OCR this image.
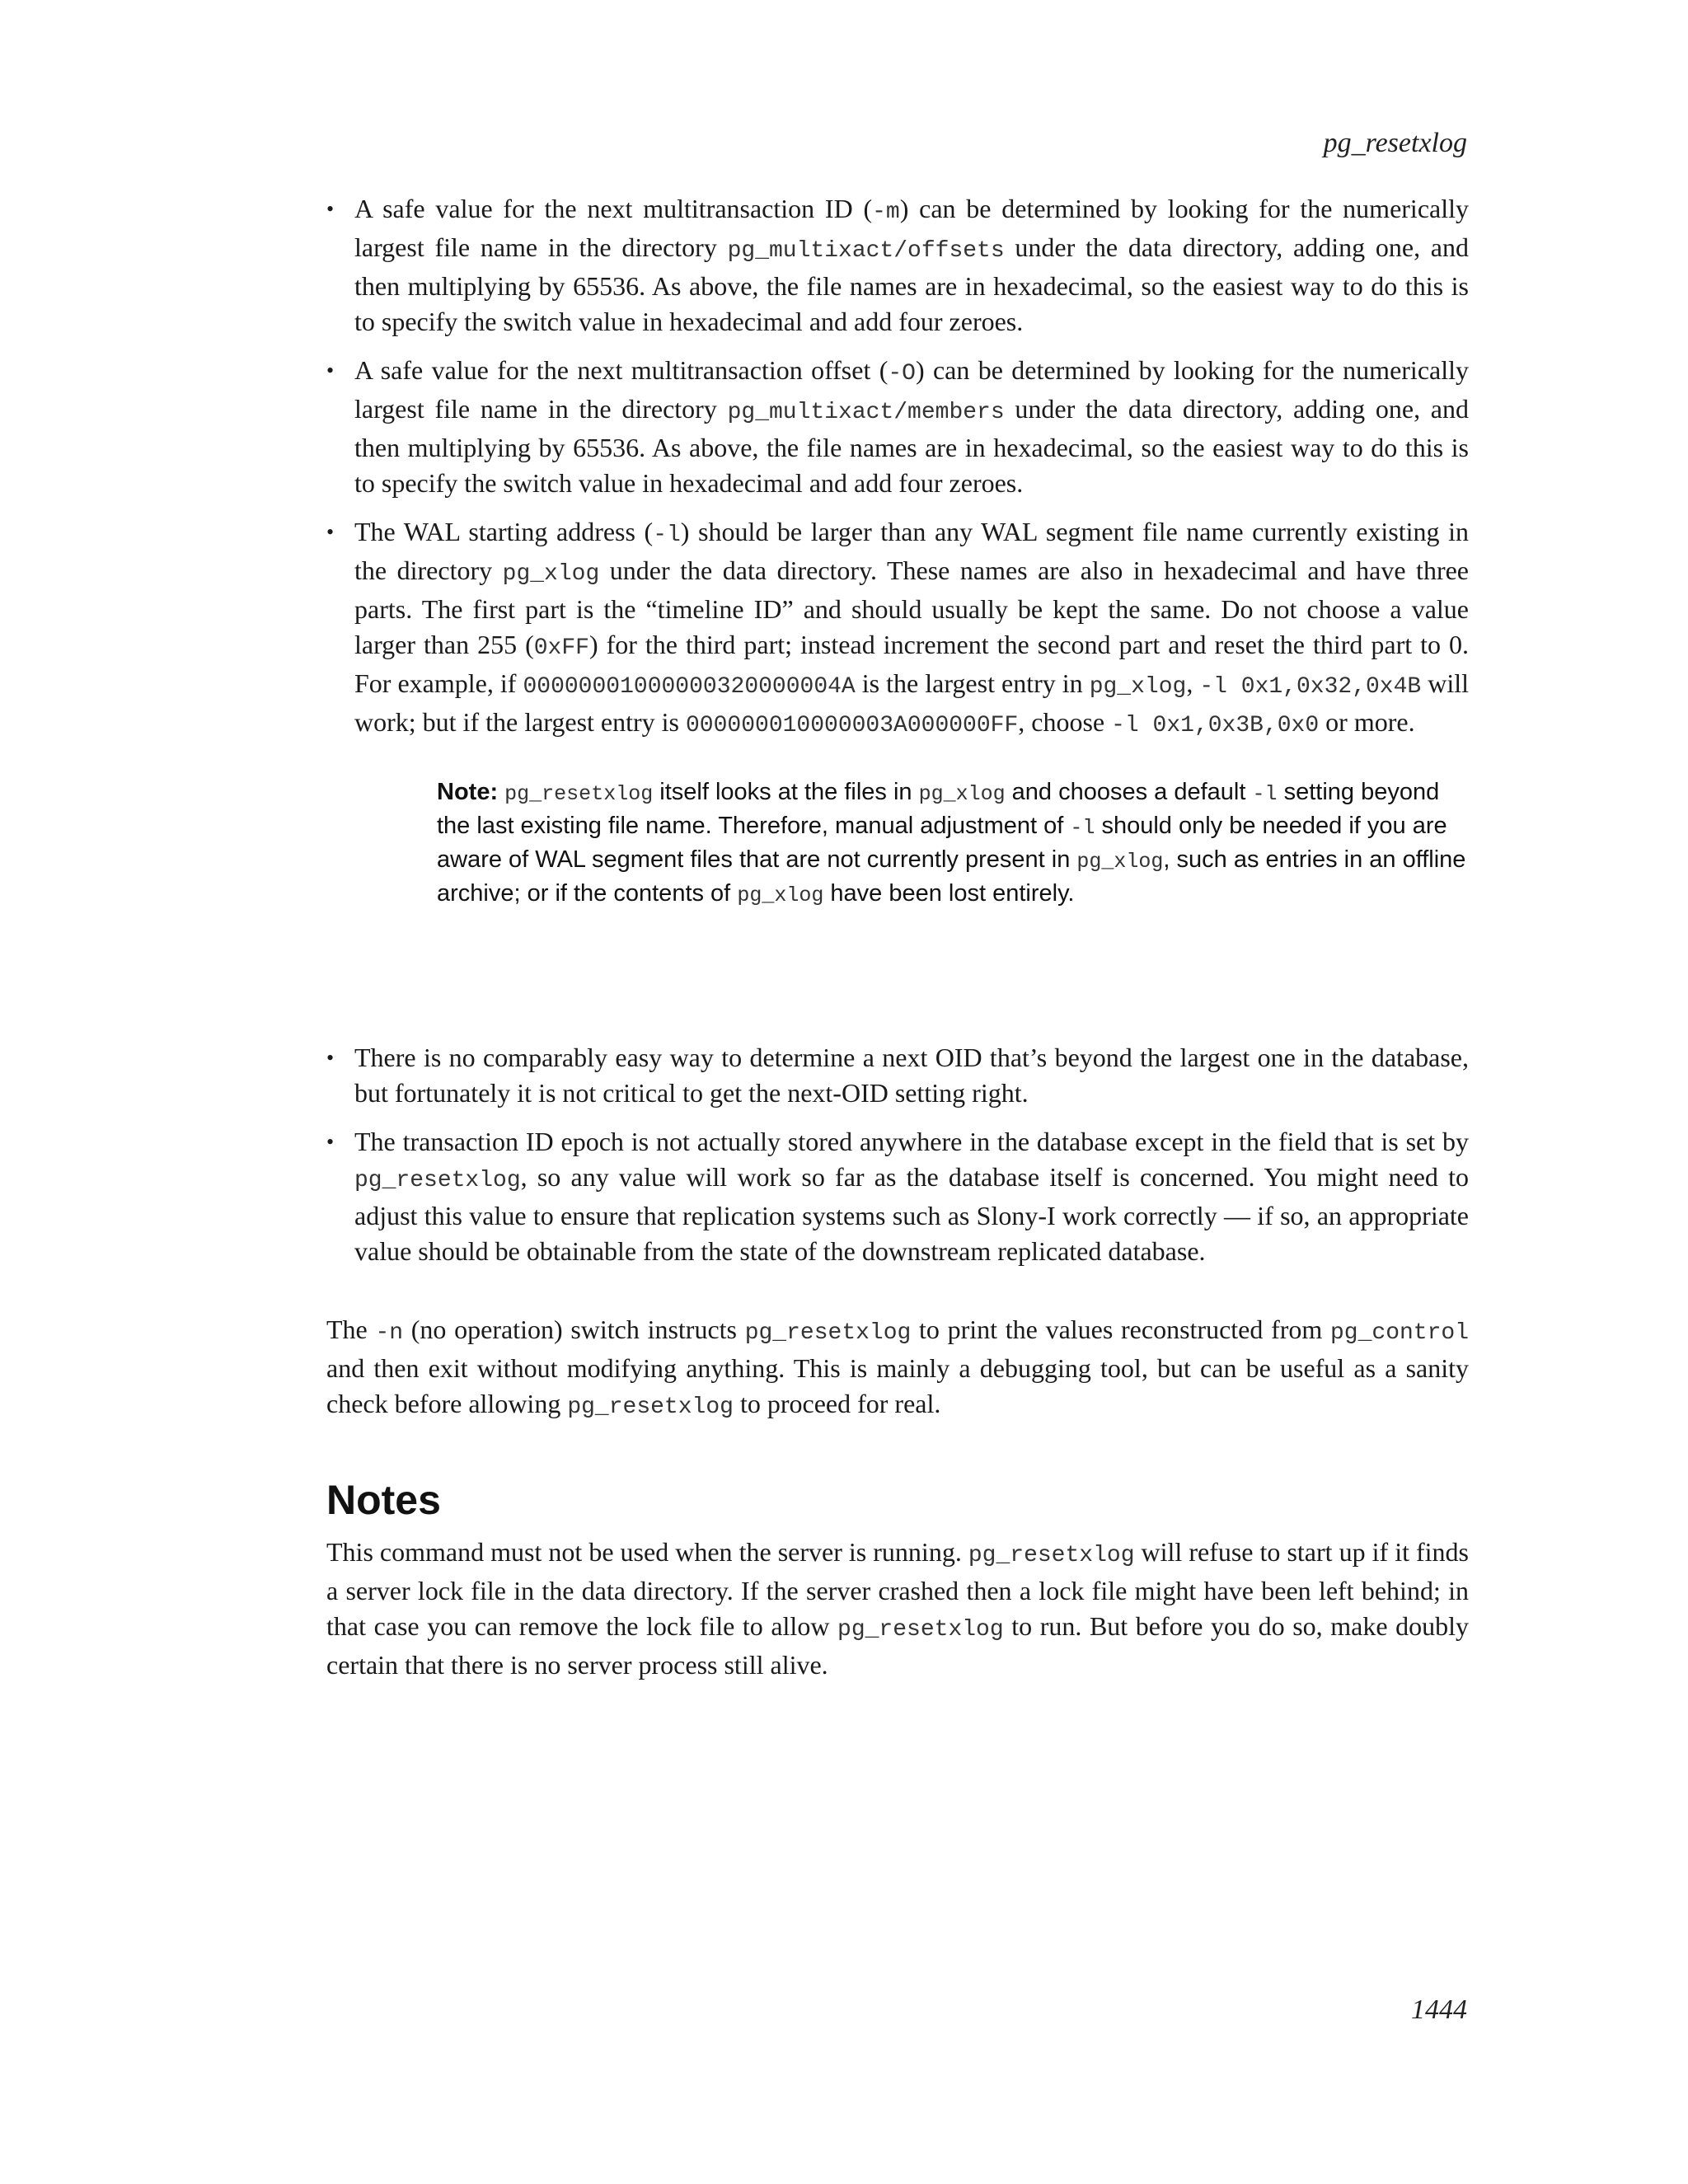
pg_resetxlog
• A safe value for the next multitransaction ID (-m) can be determined by looking for the numerically largest file name in the directory pg_multixact/offsets under the data directory, adding one, and then multiplying by 65536. As above, the file names are in hexadecimal, so the easiest way to do this is to specify the switch value in hexadecimal and add four zeroes.
• A safe value for the next multitransaction offset (-O) can be determined by looking for the numerically largest file name in the directory pg_multixact/members under the data directory, adding one, and then multiplying by 65536. As above, the file names are in hexadecimal, so the easiest way to do this is to specify the switch value in hexadecimal and add four zeroes.
• The WAL starting address (-l) should be larger than any WAL segment file name currently existing in the directory pg_xlog under the data directory. These names are also in hexadecimal and have three parts. The first part is the “timeline ID” and should usually be kept the same. Do not choose a value larger than 255 (0xFF) for the third part; instead increment the second part and reset the third part to 0. For example, if 00000001000000320000004A is the largest entry in pg_xlog, -l 0x1,0x32,0x4B will work; but if the largest entry is 000000010000003A000000FF, choose -l 0x1,0x3B,0x0 or more.
Note: pg_resetxlog itself looks at the files in pg_xlog and chooses a default -l setting beyond the last existing file name. Therefore, manual adjustment of -l should only be needed if you are aware of WAL segment files that are not currently present in pg_xlog, such as entries in an offline archive; or if the contents of pg_xlog have been lost entirely.
• There is no comparably easy way to determine a next OID that’s beyond the largest one in the database, but fortunately it is not critical to get the next-OID setting right.
• The transaction ID epoch is not actually stored anywhere in the database except in the field that is set by pg_resetxlog, so any value will work so far as the database itself is concerned. You might need to adjust this value to ensure that replication systems such as Slony-I work correctly — if so, an appropriate value should be obtainable from the state of the downstream replicated database.

The -n (no operation) switch instructs pg_resetxlog to print the values reconstructed from pg_control and then exit without modifying anything. This is mainly a debugging tool, but can be useful as a sanity check before allowing pg_resetxlog to proceed for real.

Notes

This command must not be used when the server is running. pg_resetxlog will refuse to start up if it finds a server lock file in the data directory. If the server crashed then a lock file might have been left behind; in that case you can remove the lock file to allow pg_resetxlog to run. But before you do so, make doubly certain that there is no server process still alive.

1444
